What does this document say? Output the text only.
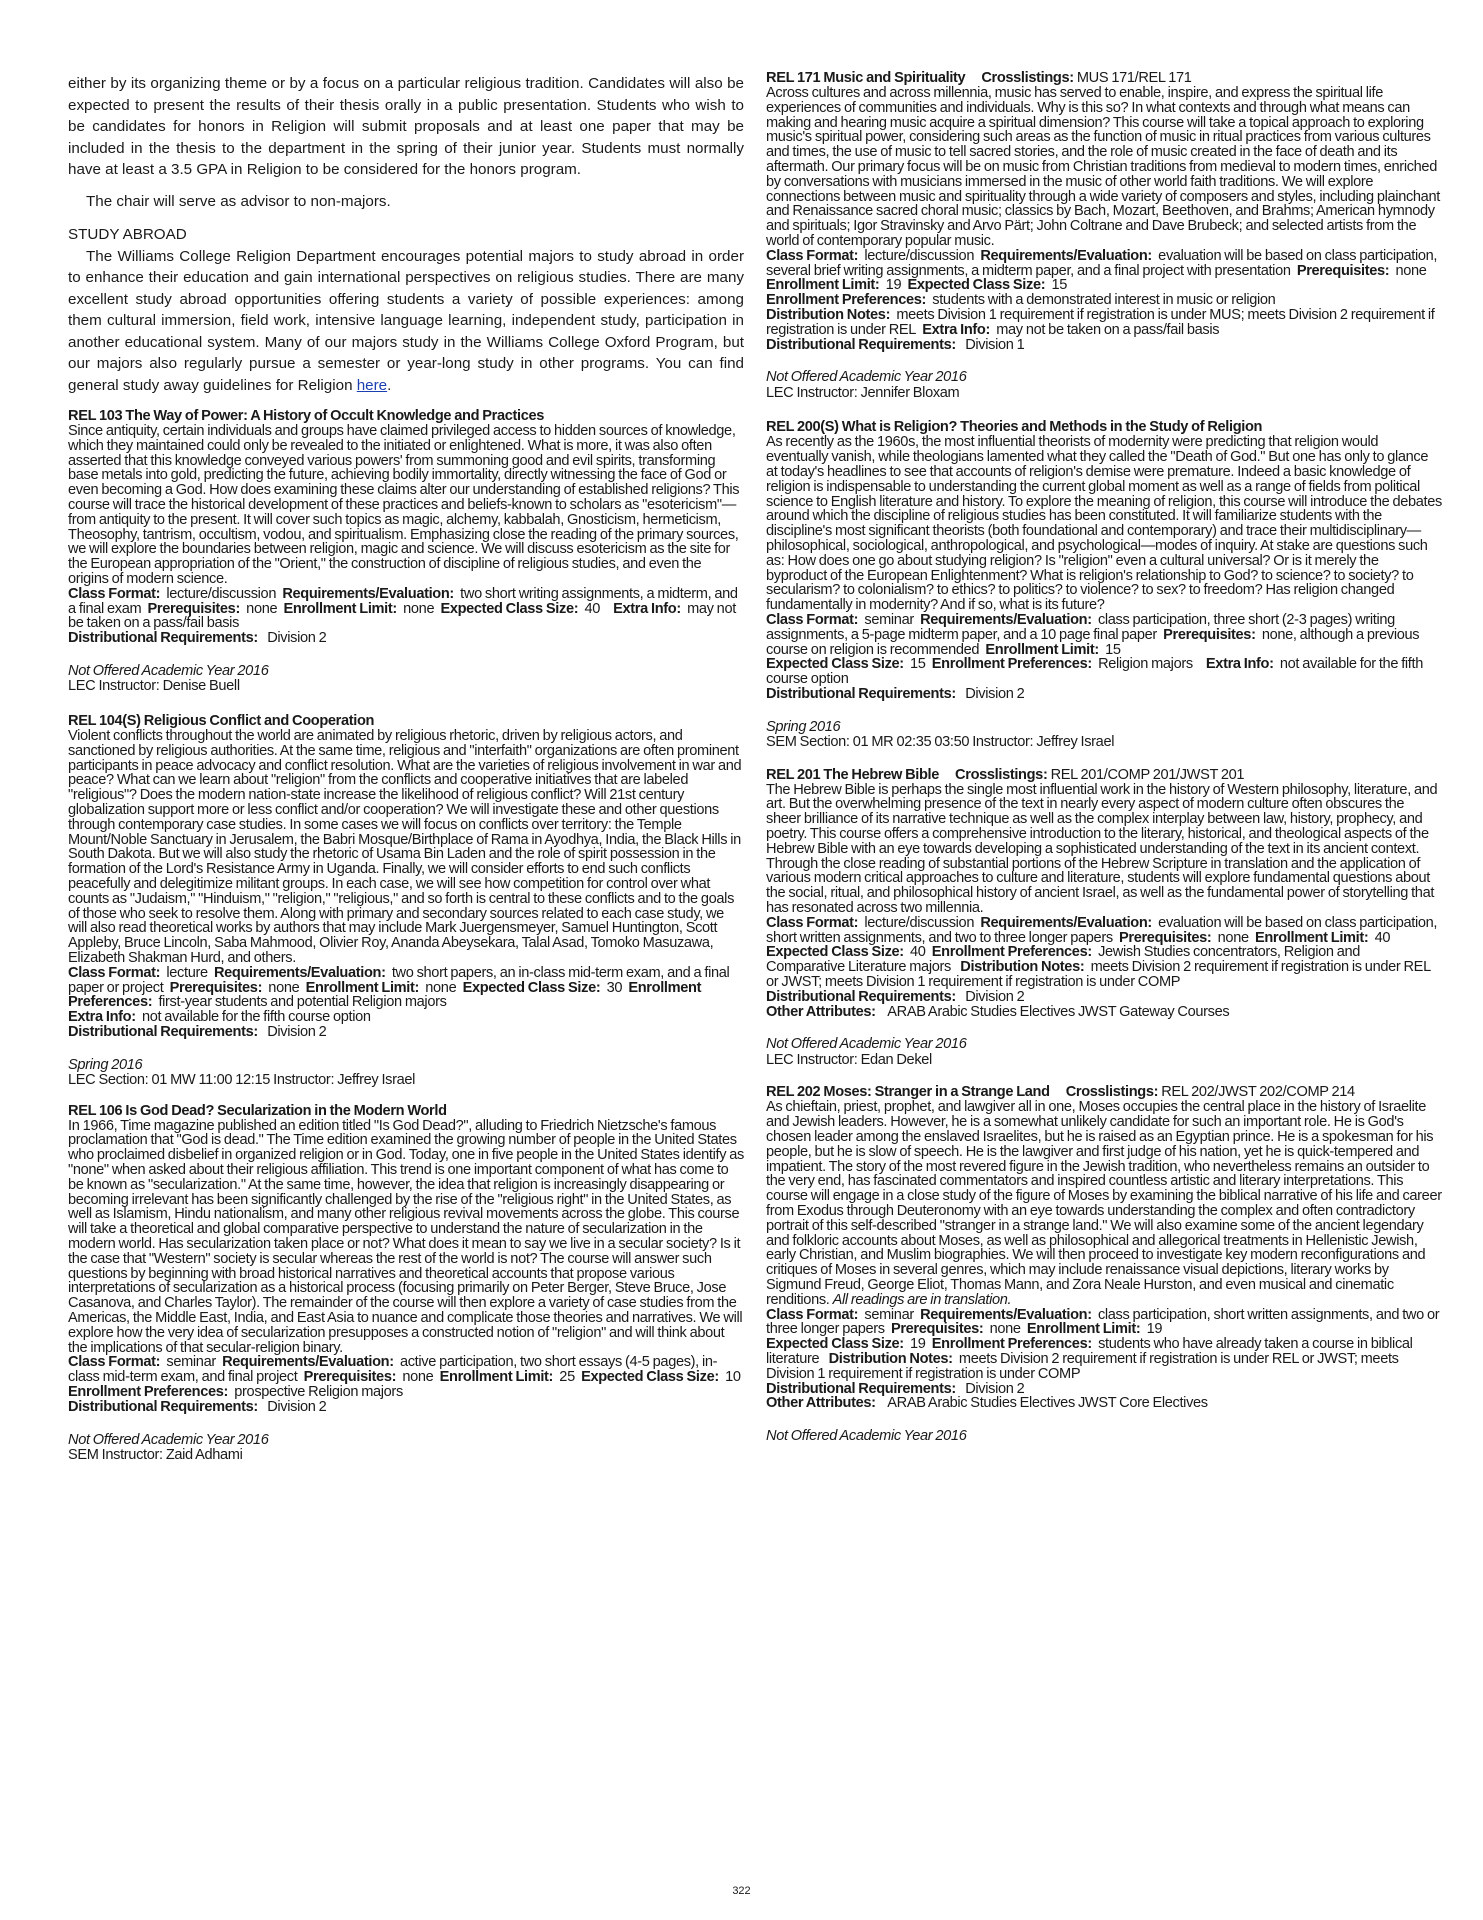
either by its organizing theme or by a focus on a particular religious tradition. Candidates will also be expected to present the results of their thesis orally in a public presentation. Students who wish to be candidates for honors in Religion will submit proposals and at least one paper that may be included in the thesis to the department in the spring of their junior year. Students must normally have at least a 3.5 GPA in Religion to be considered for the honors program.

The chair will serve as advisor to non-majors.

STUDY ABROAD

The Williams College Religion Department encourages potential majors to study abroad in order to enhance their education and gain international perspectives on religious studies. There are many excellent study abroad opportunities offering students a variety of possible experiences: among them cultural immersion, field work, intensive language learning, independent study, participation in another educational system. Many of our majors study in the Williams College Oxford Program, but our majors also regularly pursue a semester or year-long study in other programs. You can find general study away guidelines for Religion here.

REL 103 The Way of Power: A History of Occult Knowledge and Practices

Since antiquity, certain individuals and groups have claimed privileged access to hidden sources of knowledge, which they maintained could only be revealed to the initiated or enlightened. What is more, it was also often asserted that this knowledge conveyed various powers' from summoning good and evil spirits, transforming base metals into gold, predicting the future, achieving bodily immortality, directly witnessing the face of God or even becoming a God. How does examining these claims alter our understanding of established religions? This course will trace the historical development of these practices and beliefs-known to scholars as "esotericism"—from antiquity to the present. It will cover such topics as magic, alchemy, kabbalah, Gnosticism, hermeticism, Theosophy, tantrism, occultism, vodou, and spiritualism. Emphasizing close the reading of the primary sources, we will explore the boundaries between religion, magic and science. We will discuss esotericism as the site for the European appropriation of the "Orient," the construction of discipline of religious studies, and even the origins of modern science.

Class Format: lecture/discussion Requirements/Evaluation: two short writing assignments, a midterm, and a final exam Prerequisites: none Enrollment Limit: none Expected Class Size: 40 Extra Info: may not be taken on a pass/fail basis
Distributional Requirements: Division 2
Not Offered Academic Year 2016
LEC Instructor: Denise Buell
REL 104(S) Religious Conflict and Cooperation

Violent conflicts throughout the world are animated by religious rhetoric, driven by religious actors, and sanctioned by religious authorities. At the same time, religious and "interfaith" organizations are often prominent participants in peace advocacy and conflict resolution. What are the varieties of religious involvement in war and peace? What can we learn about "religion" from the conflicts and cooperative initiatives that are labeled "religious"? Does the modern nation-state increase the likelihood of religious conflict? Will 21st century globalization support more or less conflict and/or cooperation? We will investigate these and other questions through contemporary case studies. In some cases we will focus on conflicts over territory: the Temple Mount/Noble Sanctuary in Jerusalem, the Babri Mosque/Birthplace of Rama in Ayodhya, India, the Black Hills in South Dakota. But we will also study the rhetoric of Usama Bin Laden and the role of spirit possession in the formation of the Lord's Resistance Army in Uganda. Finally, we will consider efforts to end such conflicts peacefully and delegitimize militant groups. In each case, we will see how competition for control over what counts as "Judaism," "Hinduism," "religion," "religious," and so forth is central to these conflicts and to the goals of those who seek to resolve them. Along with primary and secondary sources related to each case study, we will also read theoretical works by authors that may include Mark Juergensmeyer, Samuel Huntington, Scott Appleby, Bruce Lincoln, Saba Mahmood, Olivier Roy, Ananda Abeysekara, Talal Asad, Tomoko Masuzawa, Elizabeth Shakman Hurd, and others.

Class Format: lecture Requirements/Evaluation: two short papers, an in-class mid-term exam, and a final paper or project Prerequisites: none Enrollment Limit: none Expected Class Size: 30 Enrollment Preferences: first-year students and potential Religion majors
Extra Info: not available for the fifth course option
Distributional Requirements: Division 2
Spring 2016
LEC Section: 01 MW 11:00 12:15 Instructor: Jeffrey Israel
REL 106 Is God Dead? Secularization in the Modern World

In 1966, Time magazine published an edition titled "Is God Dead?", alluding to Friedrich Nietzsche's famous proclamation that "God is dead." The Time edition examined the growing number of people in the United States who proclaimed disbelief in organized religion or in God. Today, one in five people in the United States identify as "none" when asked about their religious affiliation. This trend is one important component of what has come to be known as "secularization." At the same time, however, the idea that religion is increasingly disappearing or becoming irrelevant has been significantly challenged by the rise of the "religious right" in the United States, as well as Islamism, Hindu nationalism, and many other religious revival movements across the globe. This course will take a theoretical and global comparative perspective to understand the nature of secularization in the modern world. Has secularization taken place or not? What does it mean to say we live in a secular society? Is it the case that "Western" society is secular whereas the rest of the world is not? The course will answer such questions by beginning with broad historical narratives and theoretical accounts that propose various interpretations of secularization as a historical process (focusing primarily on Peter Berger, Steve Bruce, Jose Casanova, and Charles Taylor). The remainder of the course will then explore a variety of case studies from the Americas, the Middle East, India, and East Asia to nuance and complicate those theories and narratives. We will explore how the very idea of secularization presupposes a constructed notion of "religion" and will think about the implications of that secular-religion binary.

Class Format: seminar Requirements/Evaluation: active participation, two short essays (4-5 pages), in-class mid-term exam, and final project Prerequisites: none Enrollment Limit: 25 Expected Class Size: 10  Enrollment Preferences: prospective Religion majors
Distributional Requirements: Division 2
Not Offered Academic Year 2016
SEM Instructor: Zaid Adhami
REL 171 Music and Spirituality Crosslistings: MUS 171/REL 171

Across cultures and across millennia, music has served to enable, inspire, and express the spiritual life experiences of communities and individuals. Why is this so? In what contexts and through what means can making and hearing music acquire a spiritual dimension? This course will take a topical approach to exploring music's spiritual power, considering such areas as the function of music in ritual practices from various cultures and times, the use of music to tell sacred stories, and the role of music created in the face of death and its aftermath. Our primary focus will be on music from Christian traditions from medieval to modern times, enriched by conversations with musicians immersed in the music of other world faith traditions. We will explore connections between music and spirituality through a wide variety of composers and styles, including plainchant and Renaissance sacred choral music; classics by Bach, Mozart, Beethoven, and Brahms; American hymnody and spirituals; Igor Stravinsky and Arvo Pärt; John Coltrane and Dave Brubeck; and selected artists from the world of contemporary popular music.

Class Format: lecture/discussion Requirements/Evaluation: evaluation will be based on class participation, several brief writing assignments, a midterm paper, and a final project with presentation Prerequisites: none  Enrollment Limit: 19 Expected Class Size: 15
Enrollment Preferences: students with a demonstrated interest in music or religion
Distribution Notes: meets Division 1 requirement if registration is under MUS; meets Division 2 requirement if registration is under REL Extra Info: may not be taken on a pass/fail basis
Distributional Requirements: Division 1
Not Offered Academic Year 2016
LEC Instructor: Jennifer Bloxam
REL 200(S) What is Religion? Theories and Methods in the Study of Religion

As recently as the 1960s, the most influential theorists of modernity were predicting that religion would eventually vanish, while theologians lamented what they called the "Death of God." But one has only to glance at today's headlines to see that accounts of religion's demise were premature. Indeed a basic knowledge of religion is indispensable to understanding the current global moment as well as a range of fields from political science to English literature and history. To explore the meaning of religion, this course will introduce the debates around which the discipline of religious studies has been constituted. It will familiarize students with the discipline's most significant theorists (both foundational and contemporary) and trace their multidisciplinary—philosophical, sociological, anthropological, and psychological—modes of inquiry. At stake are questions such as: How does one go about studying religion? Is "religion" even a cultural universal? Or is it merely the byproduct of the European Enlightenment? What is religion's relationship to God? to science? to society? to secularism? to colonialism? to ethics? to politics? to violence? to sex? to freedom? Has religion changed fundamentally in modernity? And if so, what is its future?

Class Format: seminar Requirements/Evaluation: class participation, three short (2-3 pages) writing assignments, a 5-page midterm paper, and a 10 page final paper Prerequisites: none, although a previous course on religion is recommended Enrollment Limit: 15
Expected Class Size: 15 Enrollment Preferences: Religion majors Extra Info: not available for the fifth course option
Distributional Requirements: Division 2
Spring 2016
SEM Section: 01 MR 02:35 03:50 Instructor: Jeffrey Israel
REL 201 The Hebrew Bible Crosslistings: REL 201/COMP 201/JWST 201

The Hebrew Bible is perhaps the single most influential work in the history of Western philosophy, literature, and art. But the overwhelming presence of the text in nearly every aspect of modern culture often obscures the sheer brilliance of its narrative technique as well as the complex interplay between law, history, prophecy, and poetry. This course offers a comprehensive introduction to the literary, historical, and theological aspects of the Hebrew Bible with an eye towards developing a sophisticated understanding of the text in its ancient context. Through the close reading of substantial portions of the Hebrew Scripture in translation and the application of various modern critical approaches to culture and literature, students will explore fundamental questions about the social, ritual, and philosophical history of ancient Israel, as well as the fundamental power of storytelling that has resonated across two millennia.

Class Format: lecture/discussion Requirements/Evaluation: evaluation will be based on class participation, short written assignments, and two to three longer papers Prerequisites: none Enrollment Limit: 40  Expected Class Size: 40 Enrollment Preferences: Jewish Studies concentrators, Religion and Comparative Literature majors Distribution Notes: meets Division 2 requirement if registration is under REL or JWST; meets Division 1 requirement if registration is under COMP
Distributional Requirements: Division 2
Other Attributes: ARAB Arabic Studies Electives JWST Gateway Courses
Not Offered Academic Year 2016
LEC Instructor: Edan Dekel
REL 202 Moses: Stranger in a Strange Land Crosslistings: REL 202/JWST 202/COMP 214

As chieftain, priest, prophet, and lawgiver all in one, Moses occupies the central place in the history of Israelite and Jewish leaders. However, he is a somewhat unlikely candidate for such an important role. He is God's chosen leader among the enslaved Israelites, but he is raised as an Egyptian prince. He is a spokesman for his people, but he is slow of speech. He is the lawgiver and first judge of his nation, yet he is quick-tempered and impatient. The story of the most revered figure in the Jewish tradition, who nevertheless remains an outsider to the very end, has fascinated commentators and inspired countless artistic and literary interpretations. This course will engage in a close study of the figure of Moses by examining the biblical narrative of his life and career from Exodus through Deuteronomy with an eye towards understanding the complex and often contradictory portrait of this self-described "stranger in a strange land." We will also examine some of the ancient legendary and folkloric accounts about Moses, as well as philosophical and allegorical treatments in Hellenistic Jewish, early Christian, and Muslim biographies. We will then proceed to investigate key modern reconfigurations and critiques of Moses in several genres, which may include renaissance visual depictions, literary works by Sigmund Freud, George Eliot, Thomas Mann, and Zora Neale Hurston, and even musical and cinematic renditions. All readings are in translation.

Class Format: seminar Requirements/Evaluation: class participation, short written assignments, and two or three longer papers Prerequisites: none Enrollment Limit: 19
Expected Class Size: 19 Enrollment Preferences: students who have already taken a course in biblical literature Distribution Notes: meets Division 2 requirement if registration is under REL or JWST; meets Division 1 requirement if registration is under COMP
Distributional Requirements: Division 2
Other Attributes: ARAB Arabic Studies Electives JWST Core Electives
Not Offered Academic Year 2016
322
